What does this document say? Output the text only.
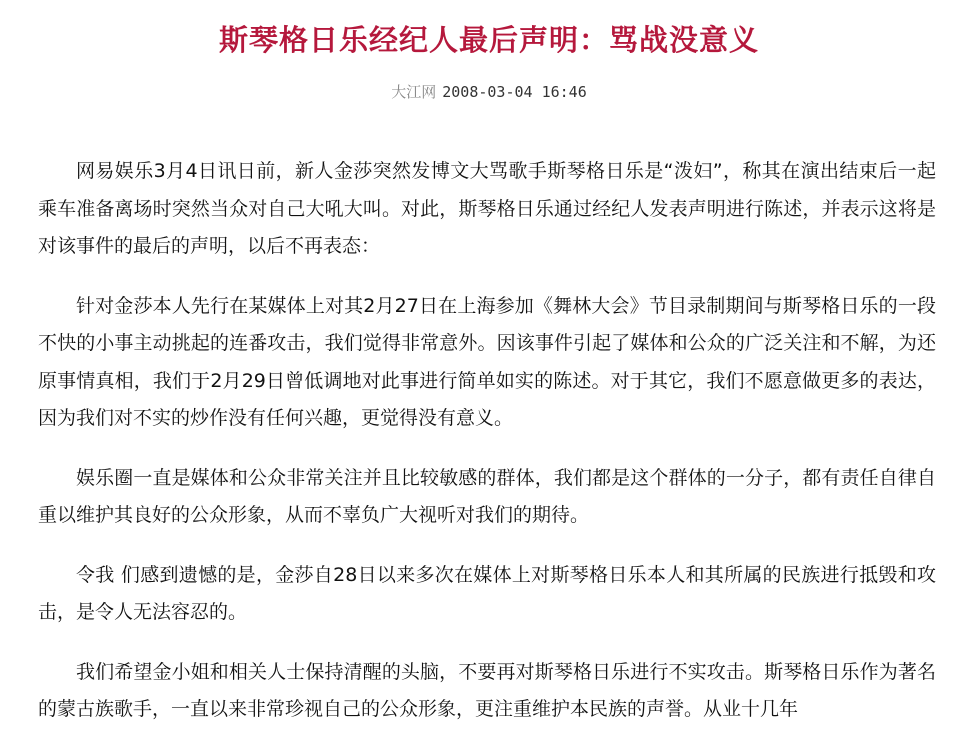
斯琴格日乐经纪人最后声明：骂战没意义
大江网 2008-03-04 16:46

网易娱乐3月4日讯日前，新人金莎突然发博文大骂歌手斯琴格日乐是“泼妇”，称其在演出结束后一起乘车准备离场时突然当众对自己大吼大叫。对此，斯琴格日乐通过经纪人发表声明进行陈述，并表示这将是对该事件的最后的声明，以后不再表态：

针对金莎本人先行在某媒体上对其2月27日在上海参加《舞林大会》节目录制期间与斯琴格日乐的一段不快的小事主动挑起的连番攻击，我们觉得非常意外。因该事件引起了媒体和公众的广泛关注和不解，为还原事情真相，我们于2月29日曾低调地对此事进行简单如实的陈述。对于其它，我们不愿意做更多的表达，因为我们对不实的炒作没有任何兴趣，更觉得没有意义。

娱乐圈一直是媒体和公众非常关注并且比较敏感的群体，我们都是这个群体的一分子，都有责任自律自重以维护其良好的公众形象，从而不辜负广大视听对我们的期待。

令我 们感到遗憾的是，金莎自28日以来多次在媒体上对斯琴格日乐本人和其所属的民族进行抵毁和攻击，是令人无法容忍的。

我们希望金小姐和相关人士保持清醒的头脑，不要再对斯琴格日乐进行不实攻击。斯琴格日乐作为著名的蒙古族歌手，一直以来非常珍视自己的公众形象，更注重维护本民族的声誉。从业十几年
